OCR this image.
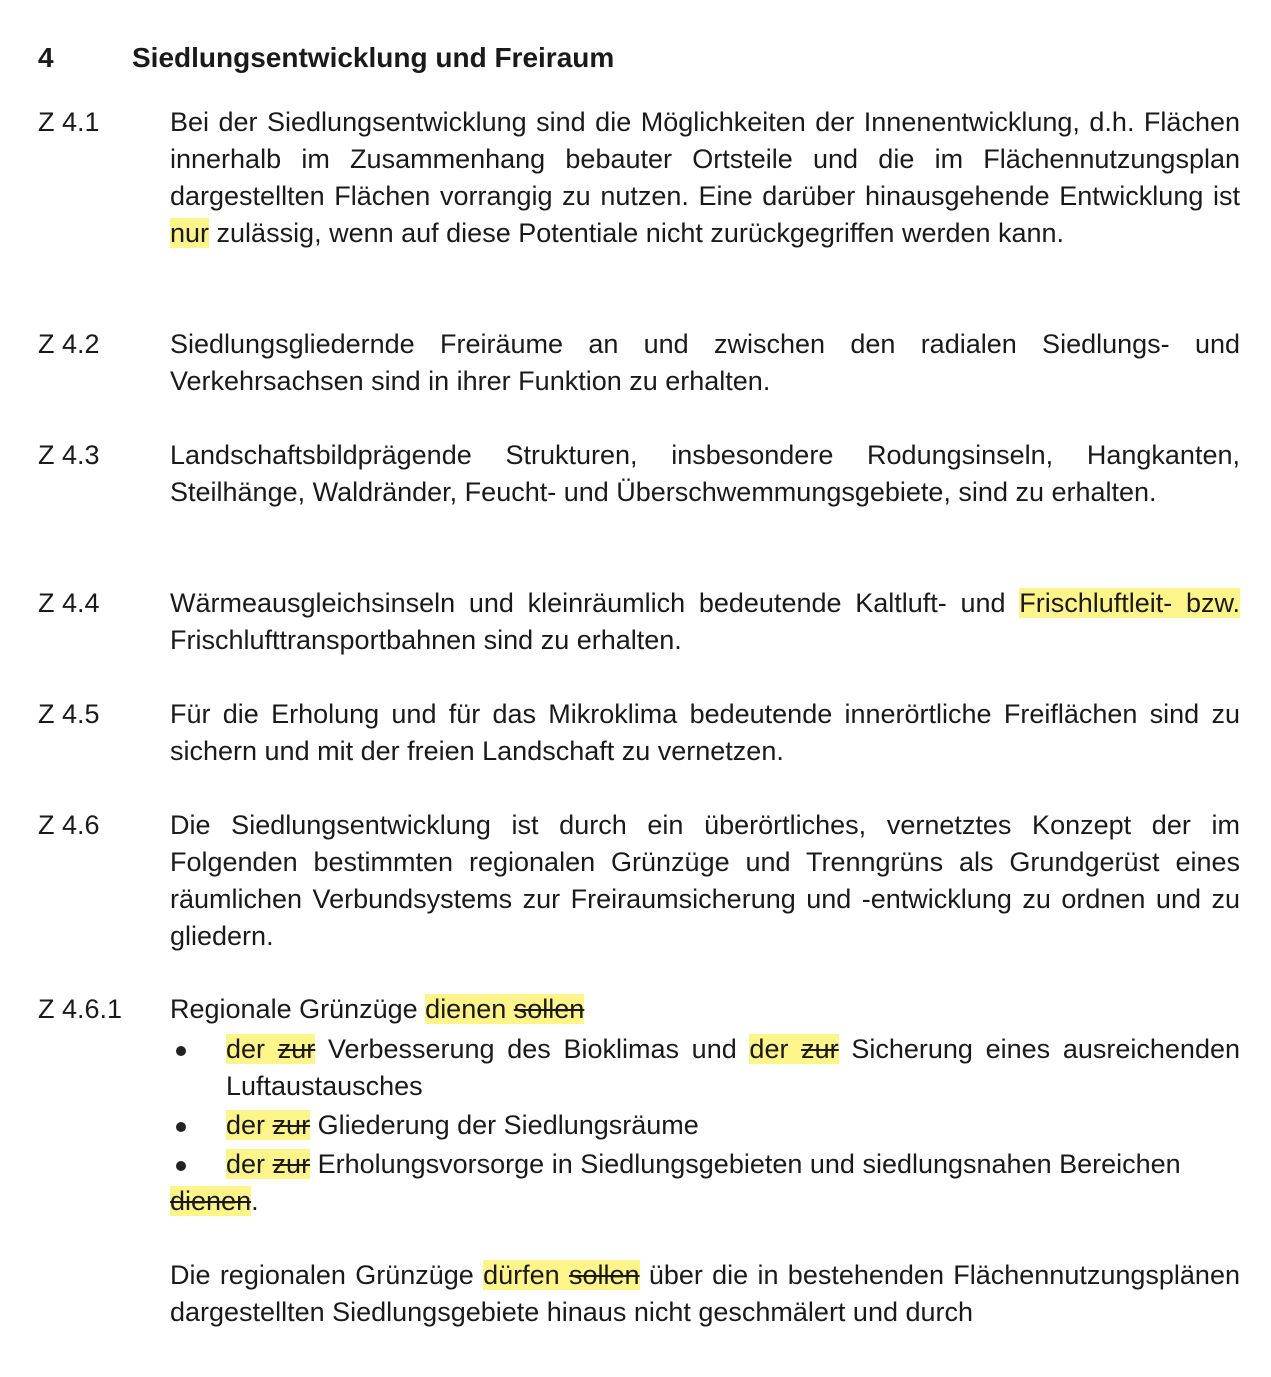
4	Siedlungsentwicklung und Freiraum
Z 4.1	Bei der Siedlungsentwicklung sind die Möglichkeiten der Innenentwicklung, d.h. Flächen innerhalb im Zusammenhang bebauter Ortsteile und die im Flächennutzungsplan dargestellten Flächen vorrangig zu nutzen. Eine darüber hinausgehende Entwicklung ist nur zulässig, wenn auf diese Potentiale nicht zurückgegriffen werden kann.
Z 4.2	Siedlungsgliedernde Freiräume an und zwischen den radialen Siedlungs- und Verkehrsachsen sind in ihrer Funktion zu erhalten.
Z 4.3	Landschaftsbildprägende Strukturen, insbesondere Rodungsinseln, Hangkanten, Steilhänge, Waldränder, Feucht- und Überschwemmungsgebiete, sind zu erhalten.
Z 4.4	Wärmeausgleichsinseln und kleinräumlich bedeutende Kaltluft- und Frischluftleit- bzw. Frischlufttransportbahnen sind zu erhalten.
Z 4.5	Für die Erholung und für das Mikroklima bedeutende innerörtliche Freiflächen sind zu sichern und mit der freien Landschaft zu vernetzen.
Z 4.6	Die Siedlungsentwicklung ist durch ein überörtliches, vernetztes Konzept der im Folgenden bestimmten regionalen Grünzüge und Trenngrüns als Grundgerüst eines räumlichen Verbundsystems zur Freiraumsicherung und -entwicklung zu ordnen und zu gliedern.
Z 4.6.1 Regionale Grünzüge dienen sollen
der zur Verbesserung des Bioklimas und der zur Sicherung eines ausreichenden Luftaustausches
der zur Gliederung der Siedlungsräume
der zur Erholungsvorsorge in Siedlungsgebieten und siedlungsnahen Bereichen
dienen.
Die regionalen Grünzüge dürfen sollen über die in bestehenden Flächennutzungsplänen dargestellten Siedlungsgebiete hinaus nicht geschmälert und durch
